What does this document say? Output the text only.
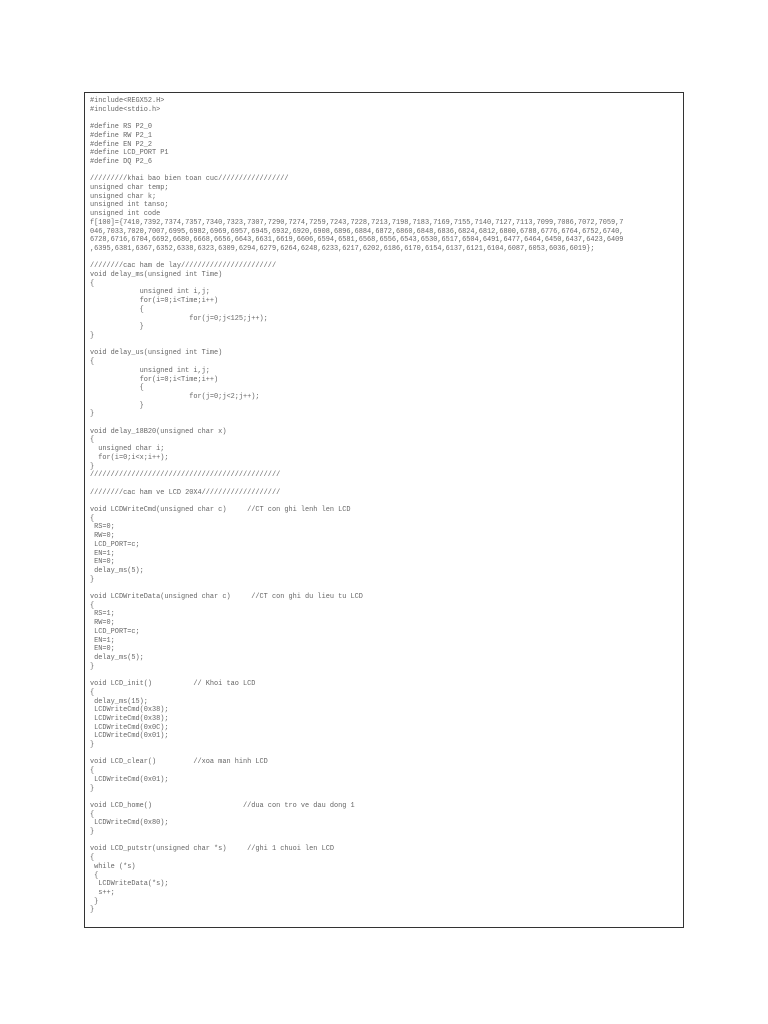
#include<REGX52.H>
#include<stdio.h>

#define RS P2_0
#define RW P2_1
#define EN P2_2
#define LCD_PORT P1
#define DQ P2_6

/////////khai bao bien toan cuc/////////////////
unsigned char temp;
unsigned char k;
unsigned int tanso;
unsigned int code
f[100]={7410,7392,7374,7357,7340,7323,7307,7290,7274,7259,7243,7228,7213,7198,7183,7169,7155,7140,7127,7113,7099,7086,7072,7059,7
046,7033,7020,7007,6995,6982,6969,6957,6945,6932,6920,6908,6896,6884,6872,6860,6848,6836,6824,6812,6800,6788,6776,6764,6752,6740,
6728,6716,6704,6692,6680,6668,6656,6643,6631,6619,6606,6594,6581,6568,6556,6543,6530,6517,6504,6491,6477,6464,6450,6437,6423,6409
,6395,6381,6367,6352,6338,6323,6309,6294,6279,6264,6248,6233,6217,6202,6186,6170,6154,6137,6121,6104,6087,6053,6036,6019};

////////cac ham de lay///////////////////////
void delay_ms(unsigned int Time)
{
unsigned int i,j;
for(i=0;i<Time;i++)
{
for(j=0;j<125;j++);
}
}

void delay_us(unsigned int Time)
{
unsigned int i,j;
for(i=0;i<Time;i++)
{
for(j=0;j<2;j++);
}
}

void delay_18B20(unsigned char x)
{
unsigned char i;
for(i=0;i<x;i++);
}
//////////////////////////////////////////////

////////cac ham ve LCD 20X4///////////////////

void LCDWriteCmd(unsigned char c)     //CT con ghi lenh len LCD
{
RS=0;
RW=0;
LCD_PORT=c;
EN=1;
EN=0;
delay_ms(5);
}

void LCDWriteData(unsigned char c)     //CT con ghi du lieu tu LCD
{
RS=1;
RW=0;
LCD_PORT=c;
EN=1;
EN=0;
delay_ms(5);
}

void LCD_init()          // Khoi tao LCD
{
delay_ms(15);
LCDWriteCmd(0x38);
LCDWriteCmd(0x38);
LCDWriteCmd(0x0C);
LCDWriteCmd(0x01);
}

void LCD_clear()         //xoa man hinh LCD
{
LCDWriteCmd(0x01);
}

void LCD_home()                      //dua con tro ve dau dong 1
{
LCDWriteCmd(0x80);
}

void LCD_putstr(unsigned char *s)     //ghi 1 chuoi len LCD
{
while (*s)
{
LCDWriteData(*s);
s++;
}
}
